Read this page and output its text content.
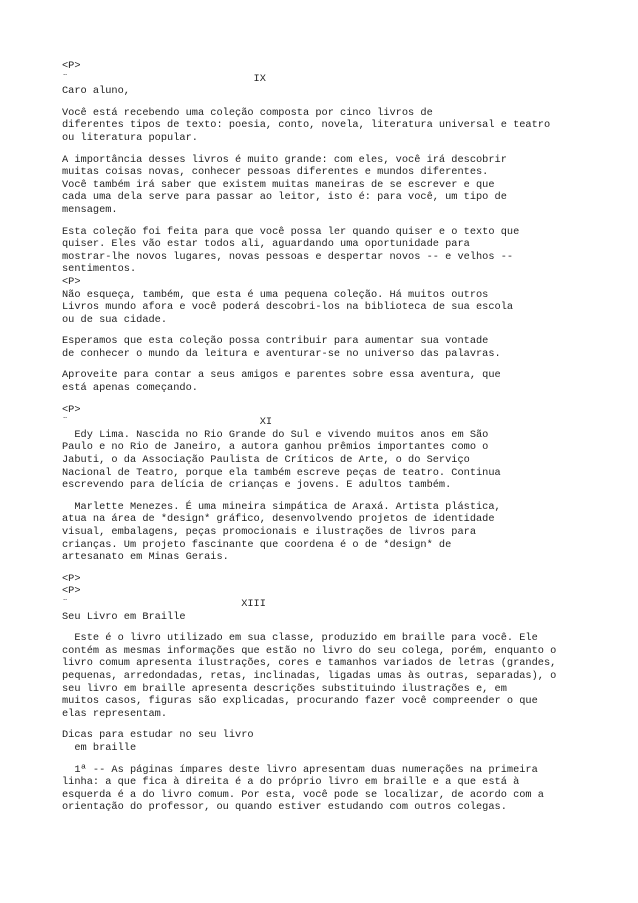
<P>
¨                              IX
Caro aluno,
Você está recebendo uma coleção composta por cinco livros de
diferentes tipos de texto: poesia, conto, novela, literatura universal e teatro
ou literatura popular.
A importância desses livros é muito grande: com eles, você irá descobrir
muitas coisas novas, conhecer pessoas diferentes e mundos diferentes.
Você também irá saber que existem muitas maneiras de se escrever e que
cada uma dela serve para passar ao leitor, isto é: para você, um tipo de
mensagem.
Esta coleção foi feita para que você possa ler quando quiser e o texto que
quiser. Eles vão estar todos ali, aguardando uma oportunidade para
mostrar-lhe novos lugares, novas pessoas e despertar novos -- e velhos --
sentimentos.
<P>
Não esqueça, também, que esta é uma pequena coleção. Há muitos outros
Livros mundo afora e você poderá descobri-los na biblioteca de sua escola
ou de sua cidade.
Esperamos que esta coleção possa contribuir para aumentar sua vontade
de conhecer o mundo da leitura e aventurar-se no universo das palavras.
Aproveite para contar a seus amigos e parentes sobre essa aventura, que
está apenas começando.
<P>
¨                               XI
Edy Lima. Nascida no Rio Grande do Sul e vivendo muitos anos em São
Paulo e no Rio de Janeiro, a autora ganhou prêmios importantes como o
Jabuti, o da Associação Paulista de Críticos de Arte, o do Serviço
Nacional de Teatro, porque ela também escreve peças de teatro. Continua
escrevendo para delícia de crianças e jovens. E adultos também.
Marlette Menezes. É uma mineira simpática de Araxá. Artista plástica,
atua na área de *design* gráfico, desenvolvendo projetos de identidade
visual, embalagens, peças promocionais e ilustrações de livros para
crianças. Um projeto fascinante que coordena é o de *design* de
artesanato em Minas Gerais.
<P>
<P>
¨                            XIII
Seu Livro em Braille
Este é o livro utilizado em sua classe, produzido em braille para você. Ele
contém as mesmas informações que estão no livro do seu colega, porém, enquanto o
livro comum apresenta ilustrações, cores e tamanhos variados de letras (grandes,
pequenas, arredondadas, retas, inclinadas, ligadas umas às outras, separadas), o
seu livro em braille apresenta descrições substituindo ilustrações e, em
muitos casos, figuras são explicadas, procurando fazer você compreender o que
elas representam.
Dicas para estudar no seu livro
em braille
1ª -- As páginas ímpares deste livro apresentam duas numerações na primeira
linha: a que fica à direita é a do próprio livro em braille e a que está à
esquerda é a do livro comum. Por esta, você pode se localizar, de acordo com a
orientação do professor, ou quando estiver estudando com outros colegas.
